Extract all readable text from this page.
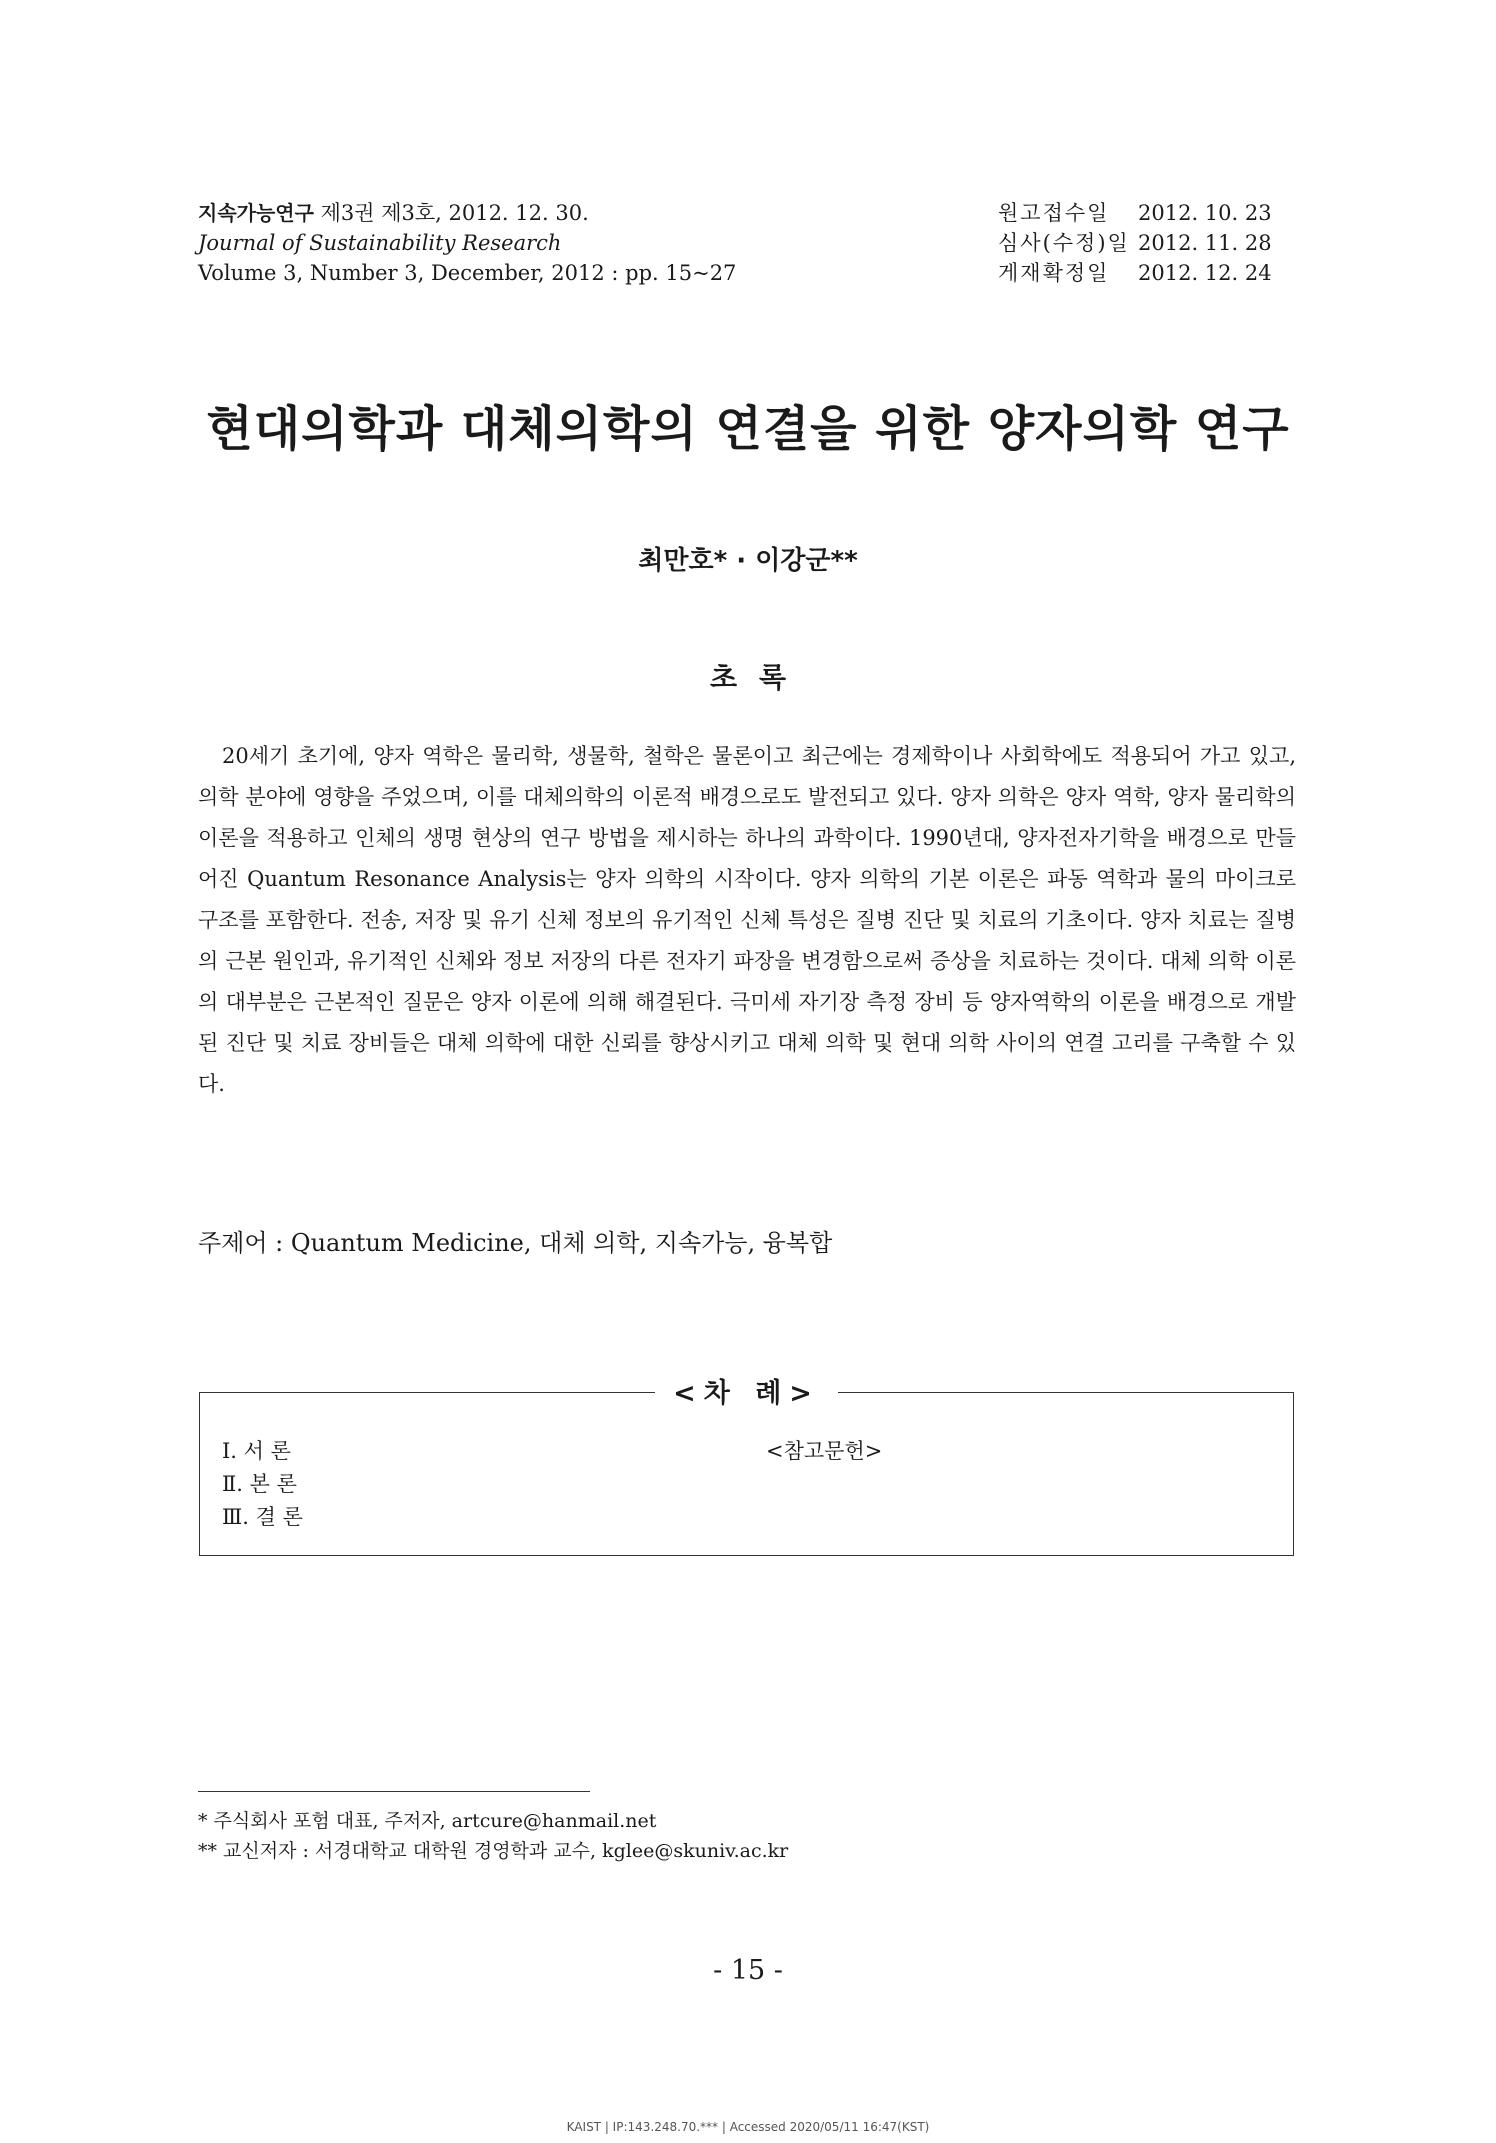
지속가능연구 제3권 제3호, 2012. 12. 30.
Journal of Sustainability Research
Volume 3, Number 3, December, 2012 : pp. 15~27
원고접수일 2012. 10. 23
심사(수정)일 2012. 11. 28
게재확정일 2012. 12. 24
현대의학과 대체의학의 연결을 위한 양자의학 연구
최만호* · 이강군**
초록

20세기 초기에, 양자 역학은 물리학, 생물학, 철학은 물론이고 최근에는 경제학이나 사회학에도 적용되어 가고 있고, 의학 분야에 영향을 주었으며, 이를 대체의학의 이론적 배경으로도 발전되고 있다. 양자 의학은 양자 역학, 양자 물리학의 이론을 적용하고 인체의 생명 현상의 연구 방법을 제시하는 하나의 과학이다. 1990년대, 양자전자기학을 배경으로 만들어진 Quantum Resonance Analysis는 양자 의학의 시작이다. 양자 의학의 기본 이론은 파동 역학과 물의 마이크로 구조를 포함한다. 전송, 저장 및 유기 신체 정보의 유기적인 신체 특성은 질병 진단 및 치료의 기초이다. 양자 치료는 질병의 근본 원인과, 유기적인 신체와 정보 저장의 다른 전자기 파장을 변경함으로써 증상을 치료하는 것이다. 대체 의학 이론의 대부분은 근본적인 질문은 양자 이론에 의해 해결된다. 극미세 자기장 측정 장비 등 양자역학의 이론을 배경으로 개발된 진단 및 치료 장비들은 대체 의학에 대한 신뢰를 향상시키고 대체 의학 및 현대 의학 사이의 연결 고리를 구축할 수 있다.

주제어 : Quantum Medicine, 대체 의학, 지속가능, 융복합
<차 례>
Ⅰ. 서 론
Ⅱ. 본 론
Ⅲ. 결 론
<참고문헌>
* 주식회사 포험 대표, 주저자, artcure@hanmail.net
** 교신저자 : 서경대학교 대학원 경영학과 교수, kglee@skuniv.ac.kr
- 15 -
KAIST | IP:143.248.70.*** | Accessed 2020/05/11 16:47(KST)
